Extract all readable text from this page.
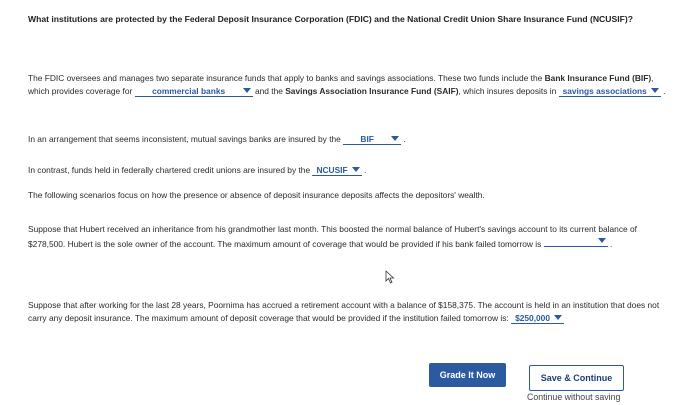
What institutions are protected by the Federal Deposit Insurance Corporation (FDIC) and the National Credit Union Share Insurance Fund (NCUSIF)?
The FDIC oversees and manages two separate insurance funds that apply to banks and savings associations. These two funds include the Bank Insurance Fund (BIF), which provides coverage for commercial banks	and the Savings Association Insurance Fund (SAIF), which insures deposits in savings associations
.
In an arrangement that seems inconsistent, mutual savings banks are insured by the BIF	.
In contrast, funds held in federally chartered credit unions are insured by the NCUSIF
.
The following scenarios focus on how the presence or absence of deposit insurance deposits affects the depositors' wealth.
Suppose that Hubert received an inheritance from his grandmother last month. This boosted the normal balance of Hubert's savings account to its current balance of $278,500. Hubert is the sole owner of the account. The maximum amount of coverage that would be provided if his bank failed tomorrow is	.
Suppose that after working for the last 28 years, Poornima has accrued a retirement account with a balance of $158,375. The account is held in an institution that does not carry any deposit insurance. The maximum amount of deposit coverage that would be provided if the institution failed tomorrow is: $250,000
Grade It Now	Save & Continue
Continue without saving
